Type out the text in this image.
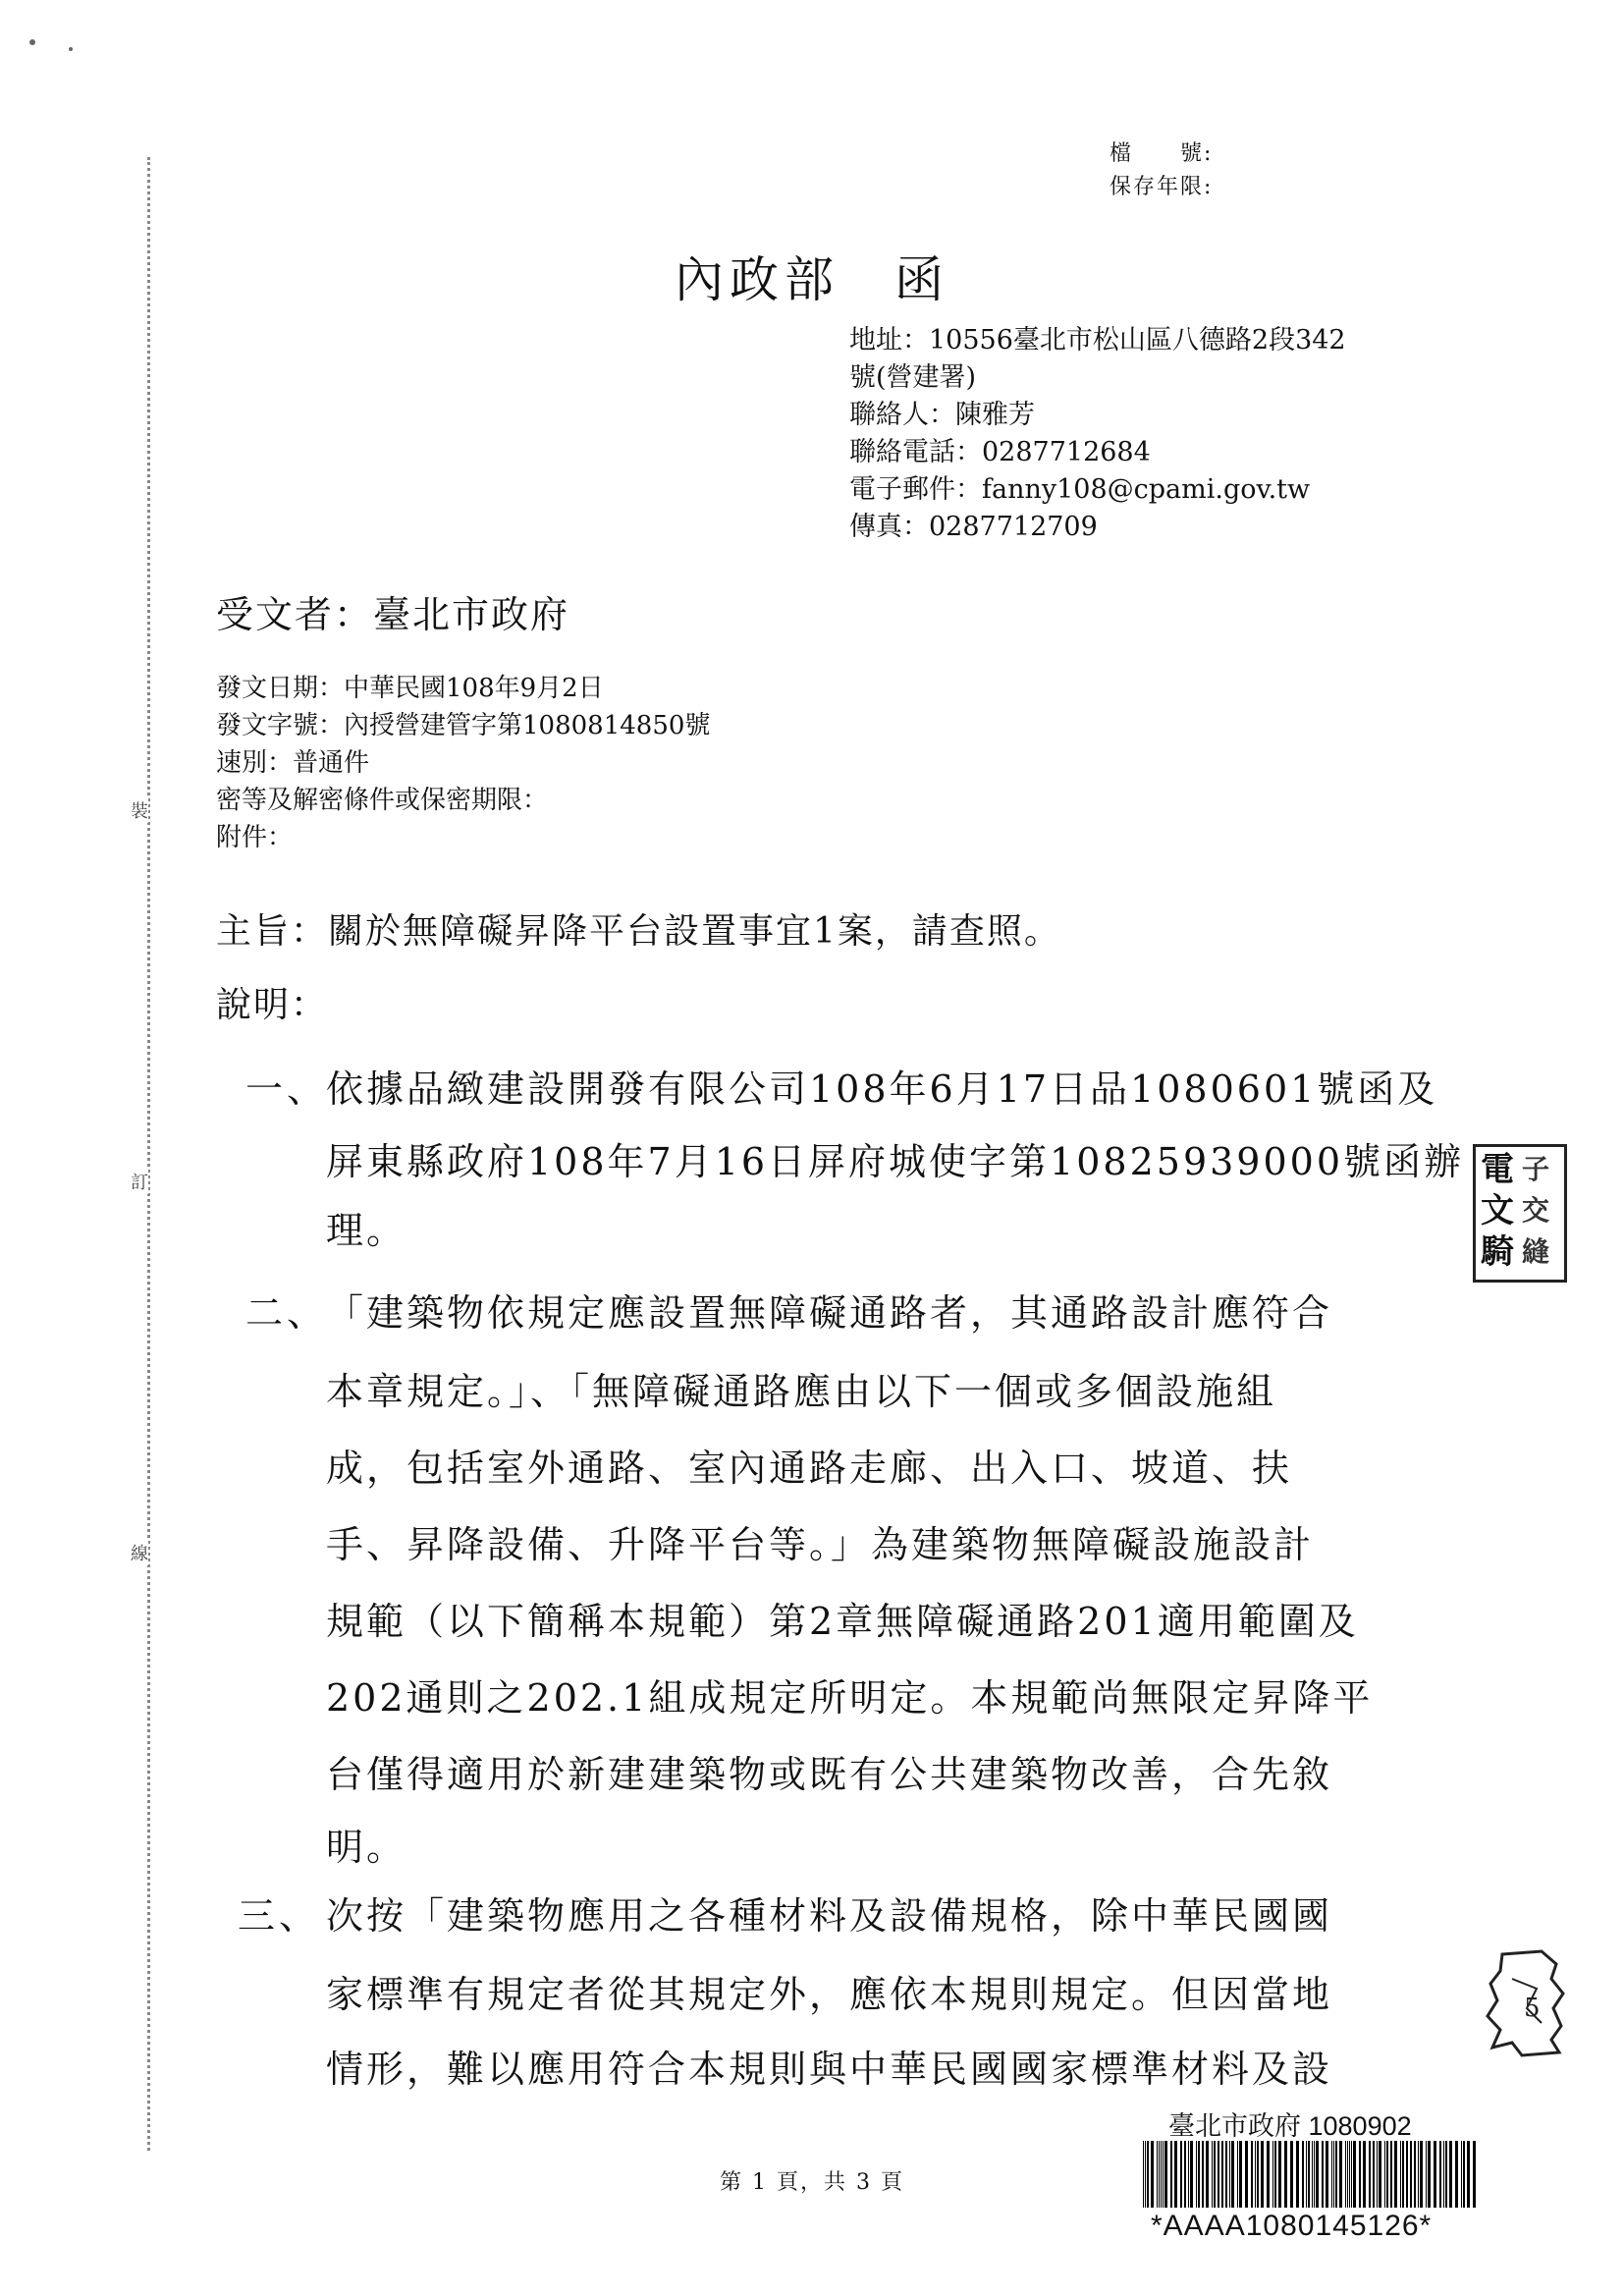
檔　　號:
保存年限:
內政部　函
地址：10556臺北市松山區八德路2段342
號(營建署)
聯絡人：陳雅芳
聯絡電話：0287712684
電子郵件：fanny108@cpami.gov.tw
傳真：0287712709
受文者：臺北市政府
發文日期：中華民國108年9月2日
發文字號：內授營建管字第1080814850號
速別：普通件
密等及解密條件或保密期限：
附件：
主旨：關於無障礙昇降平台設置事宜1案，請查照。
說明：
一、
依據品緻建設開發有限公司108年6月17日品1080601號函及
屏東縣政府108年7月16日屏府城使字第10825939000號函辦
理。
二、
「建築物依規定應設置無障礙通路者，其通路設計應符合
本章規定。」、「無障礙通路應由以下一個或多個設施組
成，包括室外通路、室內通路走廊、出入口、坡道、扶
手、昇降設備、升降平台等。」為建築物無障礙設施設計
規範（以下簡稱本規範）第2章無障礙通路201適用範圍及
202通則之202.1組成規定所明定。本規範尚無限定昇降平
台僅得適用於新建建築物或既有公共建築物改善，合先敘
明。
三、 次按「建築物應用之各種材料及設備規格，除中華民國國
家標準有規定者從其規定外，應依本規則規定。但因當地
情形，難以應用符合本規則與中華民國國家標準材料及設
裝
訂
線
電文騎
子交縫
5
臺北市政府 1080902
*AAAA1080145126*
第 1 頁，共 3 頁
